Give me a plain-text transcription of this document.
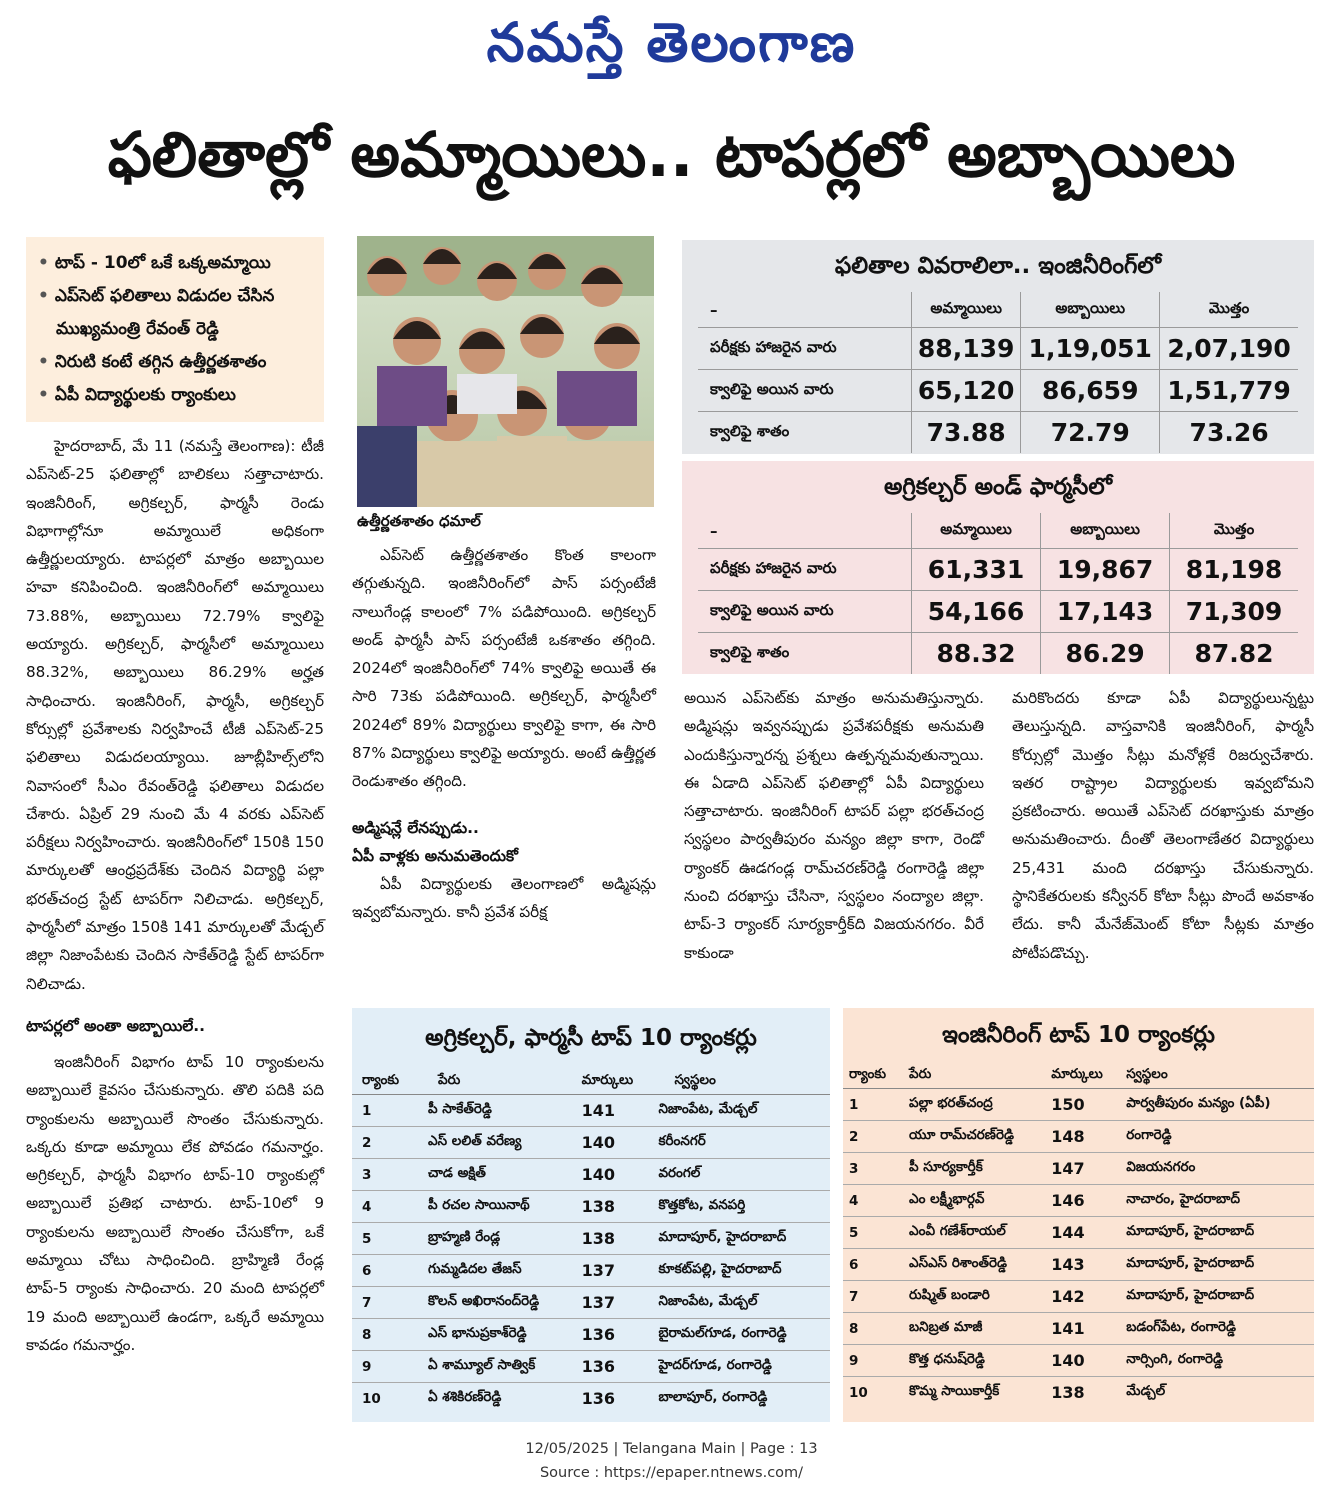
నమస్తే తెలంగాణ
ఫలితాల్లో అమ్మాయిలు.. టాపర్లలో అబ్బాయిలు
• టాప్ - 10లో ఒకే ఒక్కఅమ్మాయి
• ఎప్‌సెట్ ఫలితాలు విడుదల చేసిన
ముఖ్యమంత్రి రేవంత్ రెడ్డి
• నిరుటి కంటే తగ్గిన ఉత్తీర్ణతశాతం
• ఏపీ విద్యార్థులకు ర్యాంకులు
హైదరాబాద్, మే 11 (నమస్తే తెలంగాణ): టీజీ ఎప్‌సెట్-25 ఫలితాల్లో బాలికలు సత్తాచాటారు. ఇంజినీరింగ్, అగ్రికల్చర్, ఫార్మసీ రెండు విభాగాల్లోనూ అమ్మాయిలే అధికంగా ఉత్తీర్ణులయ్యారు. టాపర్లలో మాత్రం అబ్బాయిల హవా కనిపించింది. ఇంజినీరింగ్‌లో అమ్మాయిలు 73.88%, అబ్బాయిలు 72.79% క్వాలిఫై అయ్యారు. అగ్రికల్చర్, ఫార్మసీలో అమ్మాయిలు 88.32%, అబ్బాయిలు 86.29% అర్హత సాధించారు. ఇంజినీరింగ్, ఫార్మసీ, అగ్రికల్చర్ కోర్సుల్లో ప్రవేశాలకు నిర్వహించే టీజీ ఎప్‌సెట్-25 ఫలితాలు విడుదలయ్యాయి. జూబ్లీహిల్స్‌లోని నివాసంలో సీఎం రేవంత్‌రెడ్డి ఫలితాలు విడుదల చేశారు. ఏప్రిల్ 29 నుంచి మే 4 వరకు ఎప్‌సెట్ పరీక్షలు నిర్వహించారు. ఇంజినీరింగ్‌లో 150కి 150 మార్కులతో ఆంధ్రప్రదేశ్‌కు చెందిన విద్యార్థి పల్లా భరత్‌చంద్ర స్టేట్ టాపర్‌గా నిలిచాడు. అగ్రికల్చర్, ఫార్మసీలో మాత్రం 150కి 141 మార్కులతో మేడ్చల్ జిల్లా నిజాంపేటకు చెందిన సాకేత్‌రెడ్డి స్టేట్ టాపర్‌గా నిలిచాడు.
టాపర్లలో అంతా అబ్బాయిలే..
ఇంజినీరింగ్ విభాగం టాప్ 10 ర్యాంకులను అబ్బాయిలే కైవసం చేసుకున్నారు. తొలి పదికి పది ర్యాంకులను అబ్బాయిలే సొంతం చేసుకున్నారు. ఒక్కరు కూడా అమ్మాయి లేక పోవడం గమనార్హం. అగ్రికల్చర్, ఫార్మసీ విభాగం టాప్-10 ర్యాంకుల్లో అబ్బాయిలే ప్రతిభ చాటారు. టాప్-10లో 9 ర్యాంకులను అబ్బాయిలే సొంతం చేసుకోగా, ఒకే అమ్మాయి చోటు సాధించింది. బ్రాహ్మిణి రేండ్ల టాప్-5 ర్యాంకు సాధించారు. 20 మంది టాపర్లలో 19 మంది అబ్బాయిలే ఉండగా, ఒక్కరే అమ్మాయి కావడం గమనార్హం.
ఉత్తీర్ణతశాతం ధమాల్
ఎప్‌సెట్ ఉత్తీర్ణతశాతం కొంత కాలంగా తగ్గుతున్నది. ఇంజినీరింగ్‌లో పాస్ పర్సంటేజీ నాలుగేండ్ల కాలంలో 7% పడిపోయింది. అగ్రికల్చర్ అండ్ ఫార్మసీ పాస్ పర్సంటేజీ ఒకశాతం తగ్గింది. 2024లో ఇంజినీరింగ్‌లో 74% క్వాలిఫై అయితే ఈ సారి 73కు పడిపోయింది. అగ్రికల్చర్, ఫార్మసీలో 2024లో 89% విద్యార్థులు క్వాలిఫై కాగా, ఈ సారి 87% విద్యార్థులు క్వాలిఫై అయ్యారు. అంటే ఉత్తీర్ణత రెండుశాతం తగ్గింది.
అడ్మిషన్లే లేనప్పుడు..
ఏపీ వాళ్లకు అనుమతెందుకో
ఏపీ విద్యార్థులకు తెలంగాణలో అడ్మిషన్లు ఇవ్వబోమన్నారు. కానీ ప్రవేశ పరీక్ష
ఫలితాల వివరాలిలా.. ఇంజినీరింగ్‌లో
–	అమ్మాయిలు	అబ్బాయిలు	మొత్తం
పరీక్షకు హాజరైన వారు	88,139	1,19,051	2,07,190
క్వాలిఫై అయిన వారు	65,120	86,659	1,51,779
క్వాలిఫై శాతం	73.88	72.79	73.26
అగ్రికల్చర్ అండ్ ఫార్మసీలో
–	అమ్మాయిలు	అబ్బాయిలు	మొత్తం
పరీక్షకు హాజరైన వారు	61,331	19,867	81,198
క్వాలిఫై అయిన వారు	54,166	17,143	71,309
క్వాలిఫై శాతం	88.32	86.29	87.82
అయిన ఎప్‌సెట్‌కు మాత్రం అనుమతిస్తున్నారు. అడ్మిషన్లు ఇవ్వనప్పుడు ప్రవేశపరీక్షకు అనుమతి ఎందుకిస్తున్నారన్న ప్రశ్నలు ఉత్పన్నమవుతున్నాయి. ఈ ఏడాది ఎప్‌సెట్ ఫలితాల్లో ఏపీ విద్యార్థులు సత్తాచాటారు. ఇంజినీరింగ్ టాపర్ పల్లా భరత్‌చంద్ర స్వస్థలం పార్వతీపురం మన్యం జిల్లా కాగా, రెండో ర్యాంకర్ ఊడగండ్ల రామ్‌చరణ్‌రెడ్డి రంగారెడ్డి జిల్లా నుంచి దరఖాస్తు చేసినా, స్వస్థలం నంద్యాల జిల్లా. టాప్-3 ర్యాంకర్ సూర్యకార్తీక్‌ది విజయనగరం. వీరే కాకుండా
మరికొందరు కూడా ఏపీ విద్యార్థులున్నట్టు తెలుస్తున్నది. వాస్తవానికి ఇంజినీరింగ్, ఫార్మసీ కోర్సుల్లో మొత్తం సీట్లు మనోళ్లకే రిజర్వుచేశారు. ఇతర రాష్ట్రాల విద్యార్థులకు ఇవ్వబోమని ప్రకటించారు. అయితే ఎప్‌సెట్ దరఖాస్తుకు మాత్రం అనుమతించారు. దీంతో తెలంగాణేతర విద్యార్థులు 25,431 మంది దరఖాస్తు చేసుకున్నారు. స్థానికేతరులకు కన్వీనర్ కోటా సీట్లు పొందే అవకాశం లేదు. కానీ మేనేజ్‌మెంట్ కోటా సీట్లకు మాత్రం పోటీపడొచ్చు.
అగ్రికల్చర్, ఫార్మసీ టాప్ 10 ర్యాంకర్లు
ర్యాంకు	పేరు	మార్కులు	స్వస్థలం
1	పీ సాకేత్‌రెడ్డి	141	నిజాంపేట, మేడ్చల్
2	ఎస్ లలిత్ వరేణ్య	140	కరీంనగర్
3	చాడ అక్షిత్	140	వరంగల్
4	పీ రచల సాయినాథ్	138	కొత్తకోట, వనపర్తి
5	బ్రాహ్మణి రేండ్ల	138	మాదాపూర్, హైదరాబాద్
6	గుమ్మడిదల తేజస్	137	కూకట్‌పల్లి, హైదరాబాద్
7	కొలన్ అఖిరానంద్‌రెడ్డి	137	నిజాంపేట, మేడ్చల్
8	ఎస్ భానుప్రకాశ్‌రెడ్డి	136	బైరామల్‌గూడ, రంగారెడ్డి
9	ఏ శామ్యూల్ సాత్విక్	136	హైదర్‌గూడ, రంగారెడ్డి
10	ఏ శశికిరణ్‌రెడ్డి	136	బాలాపూర్, రంగారెడ్డి
ఇంజినీరింగ్ టాప్ 10 ర్యాంకర్లు
ర్యాంకు	పేరు	మార్కులు	స్వస్థలం
1	పల్లా భరత్‌చంద్ర	150	పార్వతీపురం మన్యం (ఏపీ)
2	యూ రామ్‌చరణ్‌రెడ్డి	148	రంగారెడ్డి
3	పీ సూర్యకార్తీక్	147	విజయనగరం
4	ఎం లక్ష్మీభార్గవ్	146	నాచారం, హైదరాబాద్
5	ఎంవీ గణేశ్‌రాయల్	144	మాదాపూర్, హైదరాబాద్
6	ఎస్ఎస్ రిశాంత్‌రెడ్డి	143	మాదాపూర్, హైదరాబాద్
7	రుష్మిత్ బండారి	142	మాదాపూర్, హైదరాబాద్
8	బనిబ్రత మాజీ	141	బడంగ్‌పేట, రంగారెడ్డి
9	కొత్త ధనుష్‌రెడ్డి	140	నార్సింగి, రంగారెడ్డి
10	కొమ్మ సాయికార్తీక్	138	మేడ్చల్
12/05/2025 | Telangana Main | Page : 13
Source : https://epaper.ntnews.com/
